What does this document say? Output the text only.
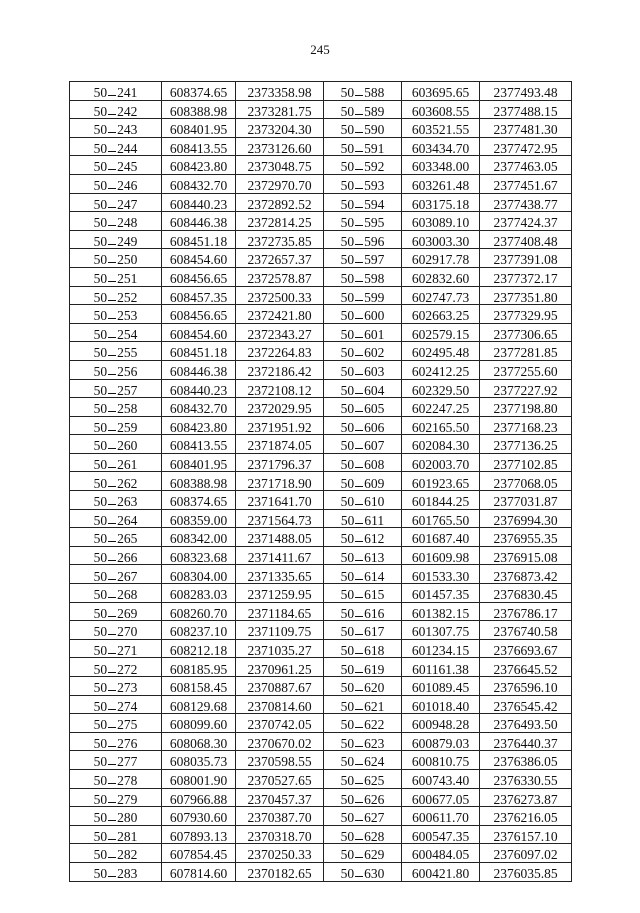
245
50 241	608374.65	2373358.98	50 588	603695.65	2377493.48
50 242	608388.98	2373281.75	50 589	603608.55	2377488.15
50 243	608401.95	2373204.30	50 590	603521.55	2377481.30
50 244	608413.55	2373126.60	50 591	603434.70	2377472.95
50 245	608423.80	2373048.75	50 592	603348.00	2377463.05
50 246	608432.70	2372970.70	50 593	603261.48	2377451.67
50 247	608440.23	2372892.52	50 594	603175.18	2377438.77
50 248	608446.38	2372814.25	50 595	603089.10	2377424.37
50 249	608451.18	2372735.85	50 596	603003.30	2377408.48
50 250	608454.60	2372657.37	50 597	602917.78	2377391.08
50 251	608456.65	2372578.87	50 598	602832.60	2377372.17
50 252	608457.35	2372500.33	50 599	602747.73	2377351.80
50 253	608456.65	2372421.80	50 600	602663.25	2377329.95
50 254	608454.60	2372343.27	50 601	602579.15	2377306.65
50 255	608451.18	2372264.83	50 602	602495.48	2377281.85
50 256	608446.38	2372186.42	50 603	602412.25	2377255.60
50 257	608440.23	2372108.12	50 604	602329.50	2377227.92
50 258	608432.70	2372029.95	50 605	602247.25	2377198.80
50 259	608423.80	2371951.92	50 606	602165.50	2377168.23
50 260	608413.55	2371874.05	50 607	602084.30	2377136.25
50 261	608401.95	2371796.37	50 608	602003.70	2377102.85
50 262	608388.98	2371718.90	50 609	601923.65	2377068.05
50 263	608374.65	2371641.70	50 610	601844.25	2377031.87
50 264	608359.00	2371564.73	50 611	601765.50	2376994.30
50 265	608342.00	2371488.05	50 612	601687.40	2376955.35
50 266	608323.68	2371411.67	50 613	601609.98	2376915.08
50 267	608304.00	2371335.65	50 614	601533.30	2376873.42
50 268	608283.03	2371259.95	50 615	601457.35	2376830.45
50 269	608260.70	2371184.65	50 616	601382.15	2376786.17
50 270	608237.10	2371109.75	50 617	601307.75	2376740.58
50 271	608212.18	2371035.27	50 618	601234.15	2376693.67
50 272	608185.95	2370961.25	50 619	601161.38	2376645.52
50 273	608158.45	2370887.67	50 620	601089.45	2376596.10
50 274	608129.68	2370814.60	50 621	601018.40	2376545.42
50 275	608099.60	2370742.05	50 622	600948.28	2376493.50
50 276	608068.30	2370670.02	50 623	600879.03	2376440.37
50 277	608035.73	2370598.55	50 624	600810.75	2376386.05
50 278	608001.90	2370527.65	50 625	600743.40	2376330.55
50 279	607966.88	2370457.37	50 626	600677.05	2376273.87
50 280	607930.60	2370387.70	50 627	600611.70	2376216.05
50 281	607893.13	2370318.70	50 628	600547.35	2376157.10
50 282	607854.45	2370250.33	50 629	600484.05	2376097.02
50 283	607814.60	2370182.65	50 630	600421.80	2376035.85
